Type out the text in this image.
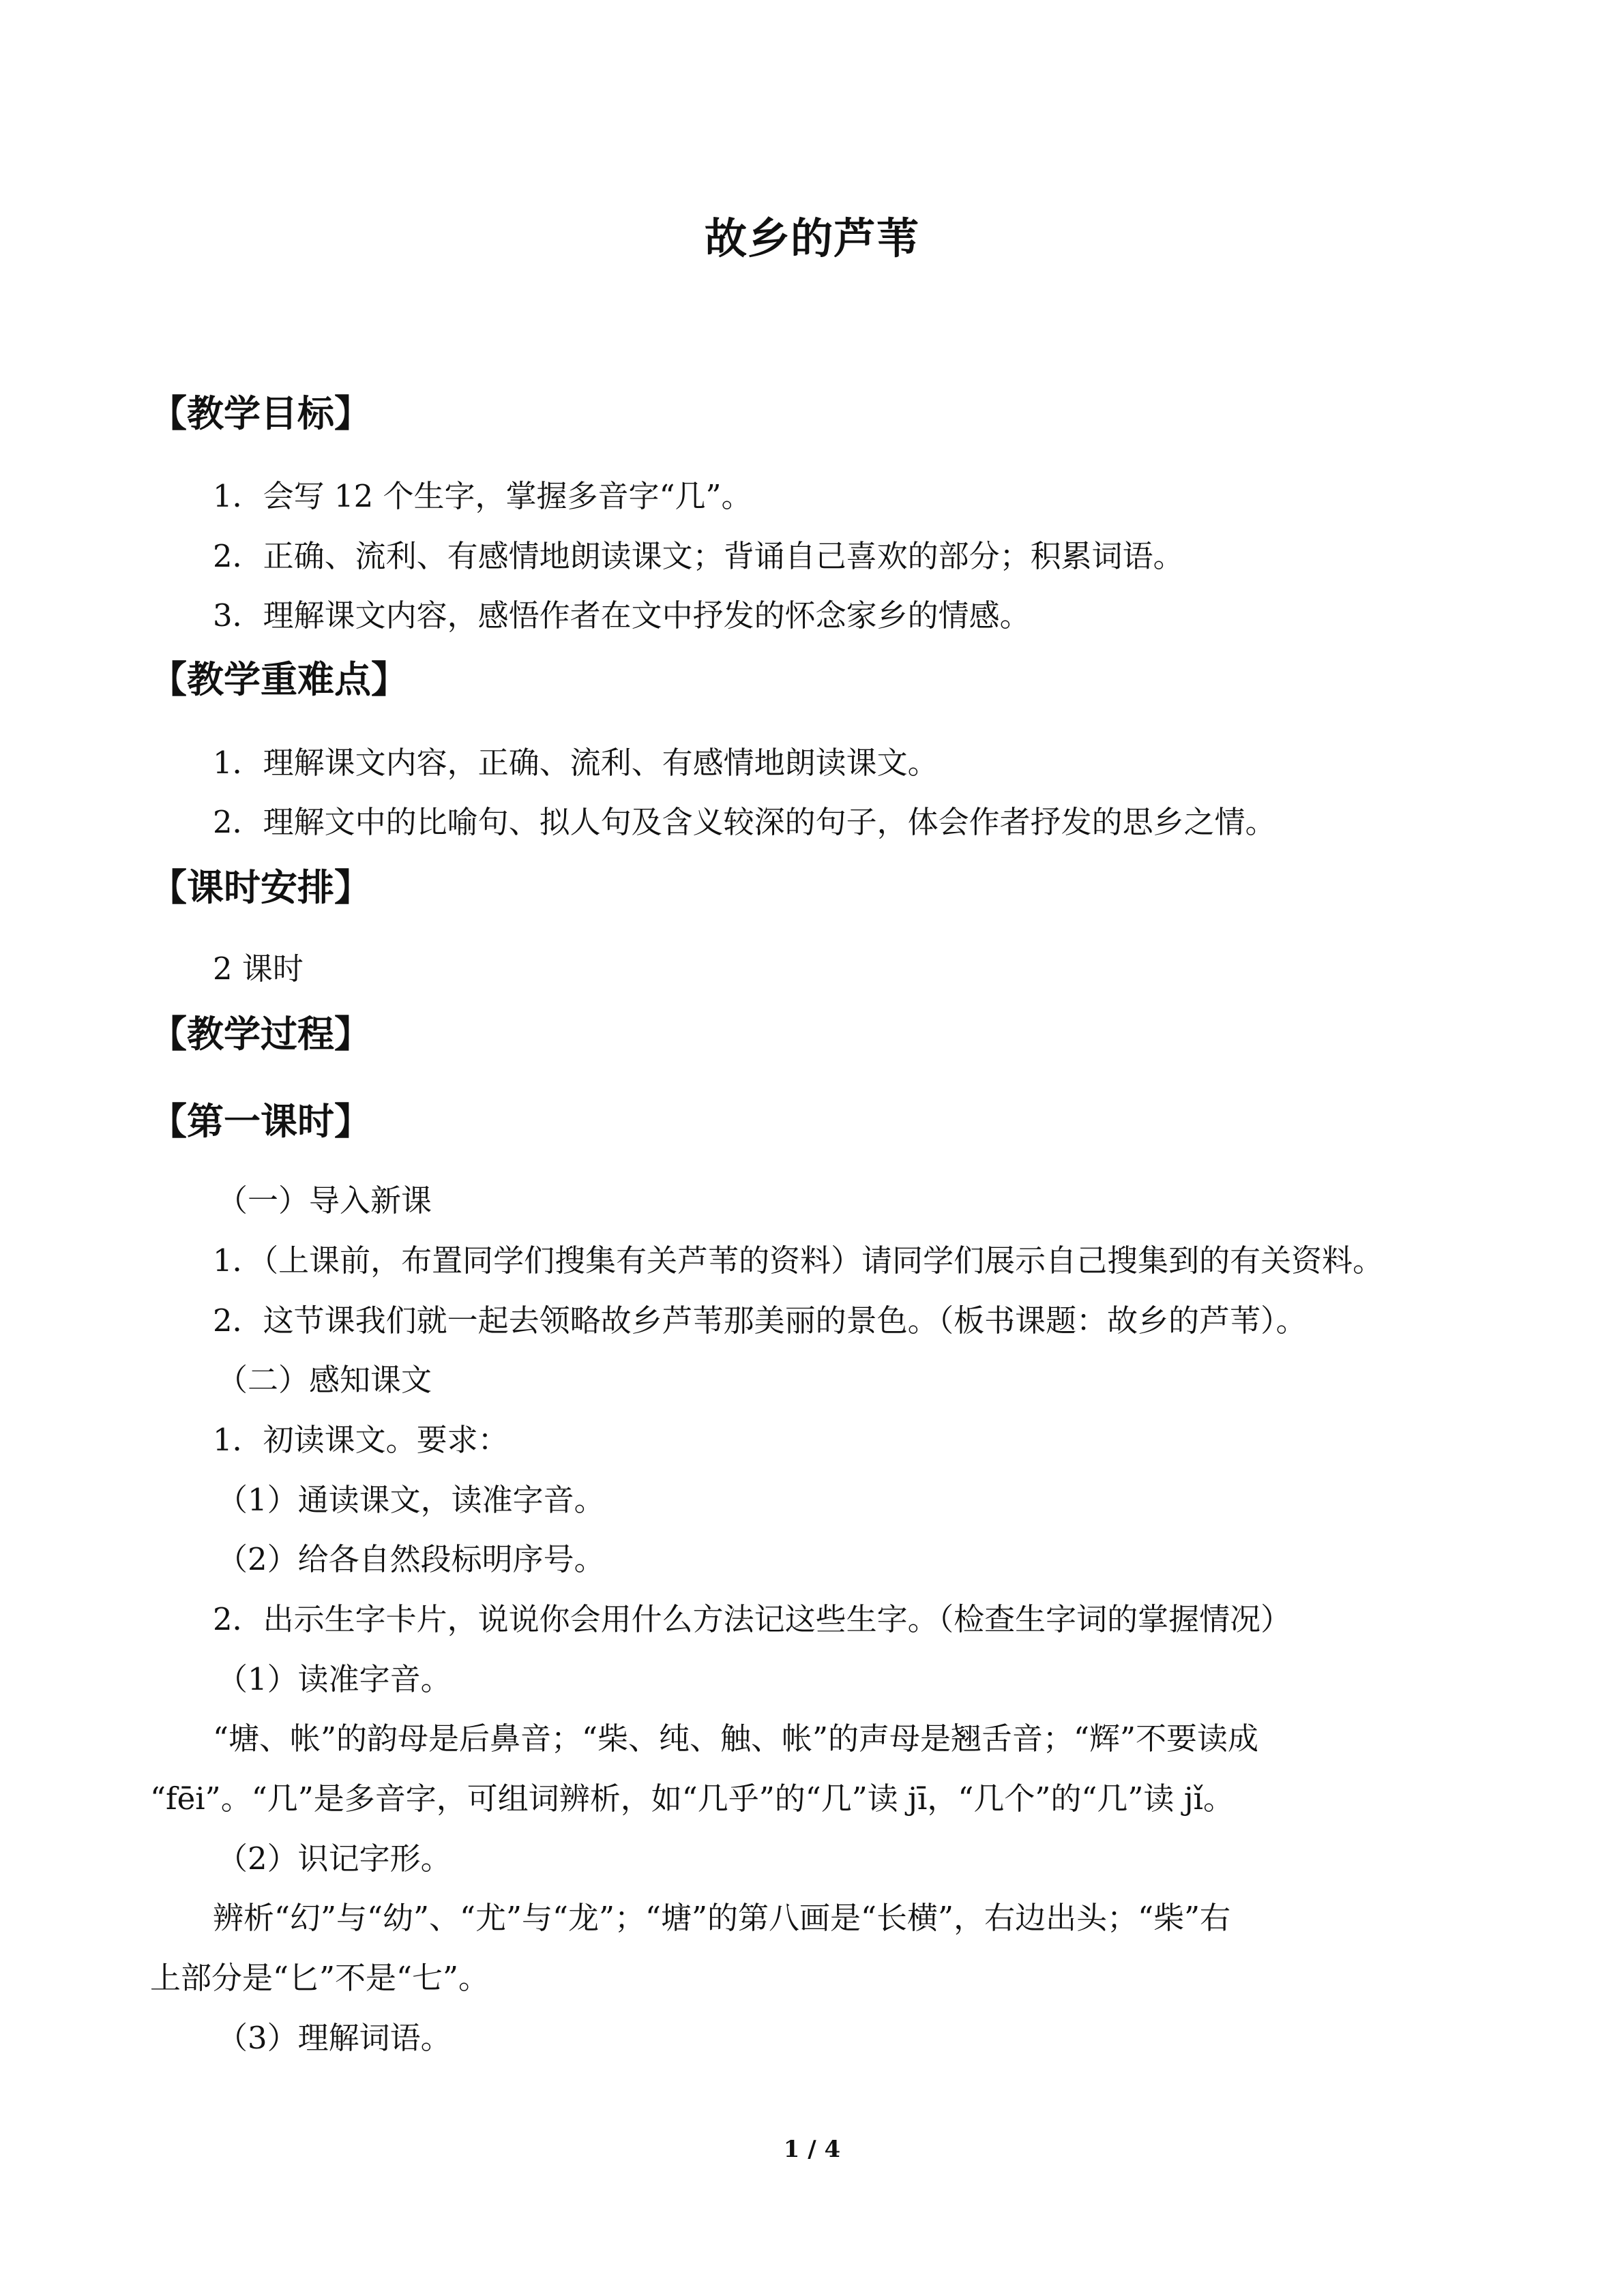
故乡的芦苇
【教学目标】
1．会写 12 个生字，掌握多音字“几”。
2．正确、流利、有感情地朗读课文；背诵自己喜欢的部分；积累词语。
3．理解课文内容，感悟作者在文中抒发的怀念家乡的情感。
【教学重难点】
1．理解课文内容，正确、流利、有感情地朗读课文。
2．理解文中的比喻句、拟人句及含义较深的句子，体会作者抒发的思乡之情。
【课时安排】
2 课时
【教学过程】
【第一课时】
（一）导入新课
1．（上课前，布置同学们搜集有关芦苇的资料）请同学们展示自己搜集到的有关资料。
2．这节课我们就一起去领略故乡芦苇那美丽的景色。（板书课题：故乡的芦苇）。
（二）感知课文
1．初读课文。要求：
（1）通读课文，读准字音。
（2）给各自然段标明序号。
2．出示生字卡片，说说你会用什么方法记这些生字。（检查生字词的掌握情况）
（1）读准字音。
“塘、帐”的韵母是后鼻音；“柴、纯、触、帐”的声母是翘舌音；“辉”不要读成
“fēi”。“几”是多音字，可组词辨析，如“几乎”的“几”读 jī，“几个”的“几”读 jǐ。
（2）识记字形。
辨析“幻”与“幼”、“尤”与“龙”；“塘”的第八画是“长横”，右边出头；“柴”右
上部分是“匕”不是“七”。
（3）理解词语。
1 / 4
